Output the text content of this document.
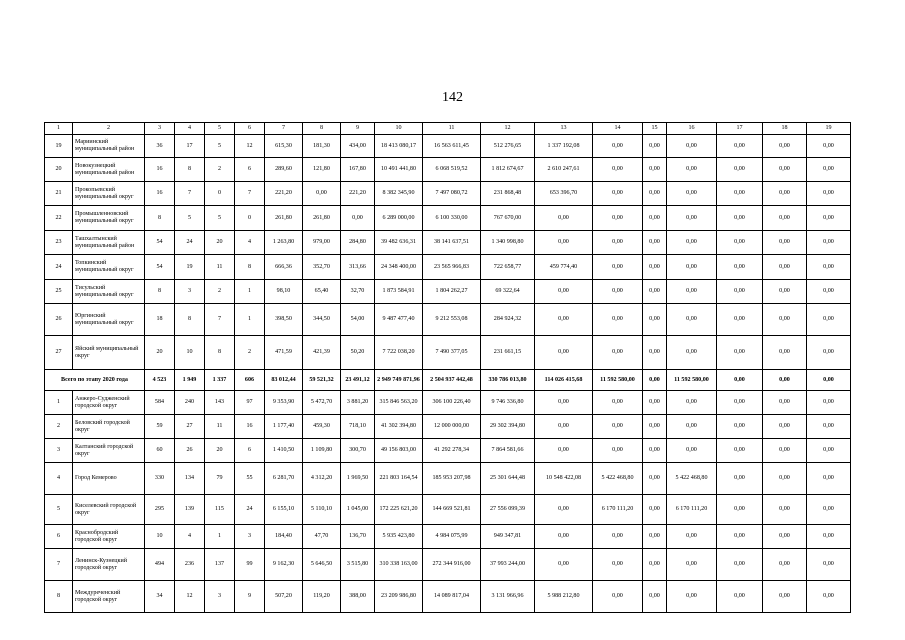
142
1	2	3	4	5	6	7	8	9	10	11	12	13	14	15	16	17	18	19
19	Мариинский муниципальный район	36	17	5	12	615,30	181,30	434,00	18 413 080,17	16 563 611,45	512 276,65	1 337 192,08	0,00	0,00	0,00	0,00	0,00	0,00
20	Новокузнецкий муниципальный район	16	8	2	6	289,60	121,80	167,80	10 491 441,80	6 068 519,52	1 812 674,67	2 610 247,61	0,00	0,00	0,00	0,00	0,00	0,00
21	Прокопьевский муниципальный округ	16	7	0	7	221,20	0,00	221,20	8 382 345,90	7 497 080,72	231 868,48	653 396,70	0,00	0,00	0,00	0,00	0,00	0,00
22	Промышленновский муниципальный округ	8	5	5	0	261,80	261,80	0,00	6 289 000,00	6 100 330,00	767 670,00	0,00	0,00	0,00	0,00	0,00	0,00	0,00
23	Ташхалтынский муниципальный район	54	24	20	4	1 263,80	979,00	284,80	39 482 636,31	38 141 637,51	1 340 998,80	0,00	0,00	0,00	0,00	0,00	0,00	0,00
24	Топкинский муниципальный округ	54	19	11	8	666,36	352,70	313,66	24 348 400,00	23 565 966,83	722 658,77	459 774,40	0,00	0,00	0,00	0,00	0,00	0,00
25	Тисульский муниципальный округ	8	3	2	1	98,10	65,40	32,70	1 873 584,91	1 804 262,27	69 322,64	0,00	0,00	0,00	0,00	0,00	0,00	0,00
26	Юргинский муниципальный округ	18	8	7	1	398,50	344,50	54,00	9 487 477,40	9 212 553,08	284 924,32	0,00	0,00	0,00	0,00	0,00	0,00	0,00
27	Яйский муниципальный округ	20	10	8	2	471,59	421,39	50,20	7 722 038,20	7 490 377,05	231 661,15	0,00	0,00	0,00	0,00	0,00	0,00	0,00
Всего по этапу 2020 года		4 523	1 949	1 337	606	83 012,44	59 521,32	23 491,12	2 949 749 871,96	2 504 937 442,48	330 786 013,80	114 026 415,68	11 592 580,00	0,00	11 592 580,00	0,00	0,00	0,00
1	Анжеро-Судженский городской округ	584	240	143	97	9 353,90	5 472,70	3 881,20	315 846 563,20	306 100 226,40	9 746 336,80	0,00	0,00	0,00	0,00	0,00	0,00	0,00
2	Беловский городской округ	59	27	11	16	1 177,40	459,30	718,10	41 302 394,80	12 000 000,00	29 302 394,80	0,00	0,00	0,00	0,00	0,00	0,00	0,00
3	Калтанский городской округ	60	26	20	6	1 410,50	1 109,80	300,70	49 156 803,00	41 292 278,34	7 864 581,66	0,00	0,00	0,00	0,00	0,00	0,00	0,00
4	Город Кемерово	330	134	79	55	6 281,70	4 312,20	1 969,50	221 803 164,54	185 953 207,98	25 301 644,48	10 548 422,08	5 422 468,80	0,00	5 422 468,80	0,00	0,00	0,00
5	Киселевский городской округ	295	139	115	24	6 155,10	5 110,10	1 045,00	172 225 621,20	144 669 521,81	27 556 099,39	0,00	6 170 111,20	0,00	6 170 111,20	0,00	0,00	0,00
6	Краснобродский городской округ	10	4	1	3	184,40	47,70	136,70	5 935 423,80	4 984 075,99	949 347,81	0,00	0,00	0,00	0,00	0,00	0,00	0,00
7	Ленинск-Кузнецкий городской округ	494	236	137	99	9 162,30	5 646,50	3 515,80	310 338 163,00	272 344 916,00	37 993 244,00	0,00	0,00	0,00	0,00	0,00	0,00	0,00
8	Междуреченский городской округ	34	12	3	9	507,20	119,20	388,00	23 209 986,80	14 089 817,04	3 131 966,96	5 988 212,80	0,00	0,00	0,00	0,00	0,00	0,00
